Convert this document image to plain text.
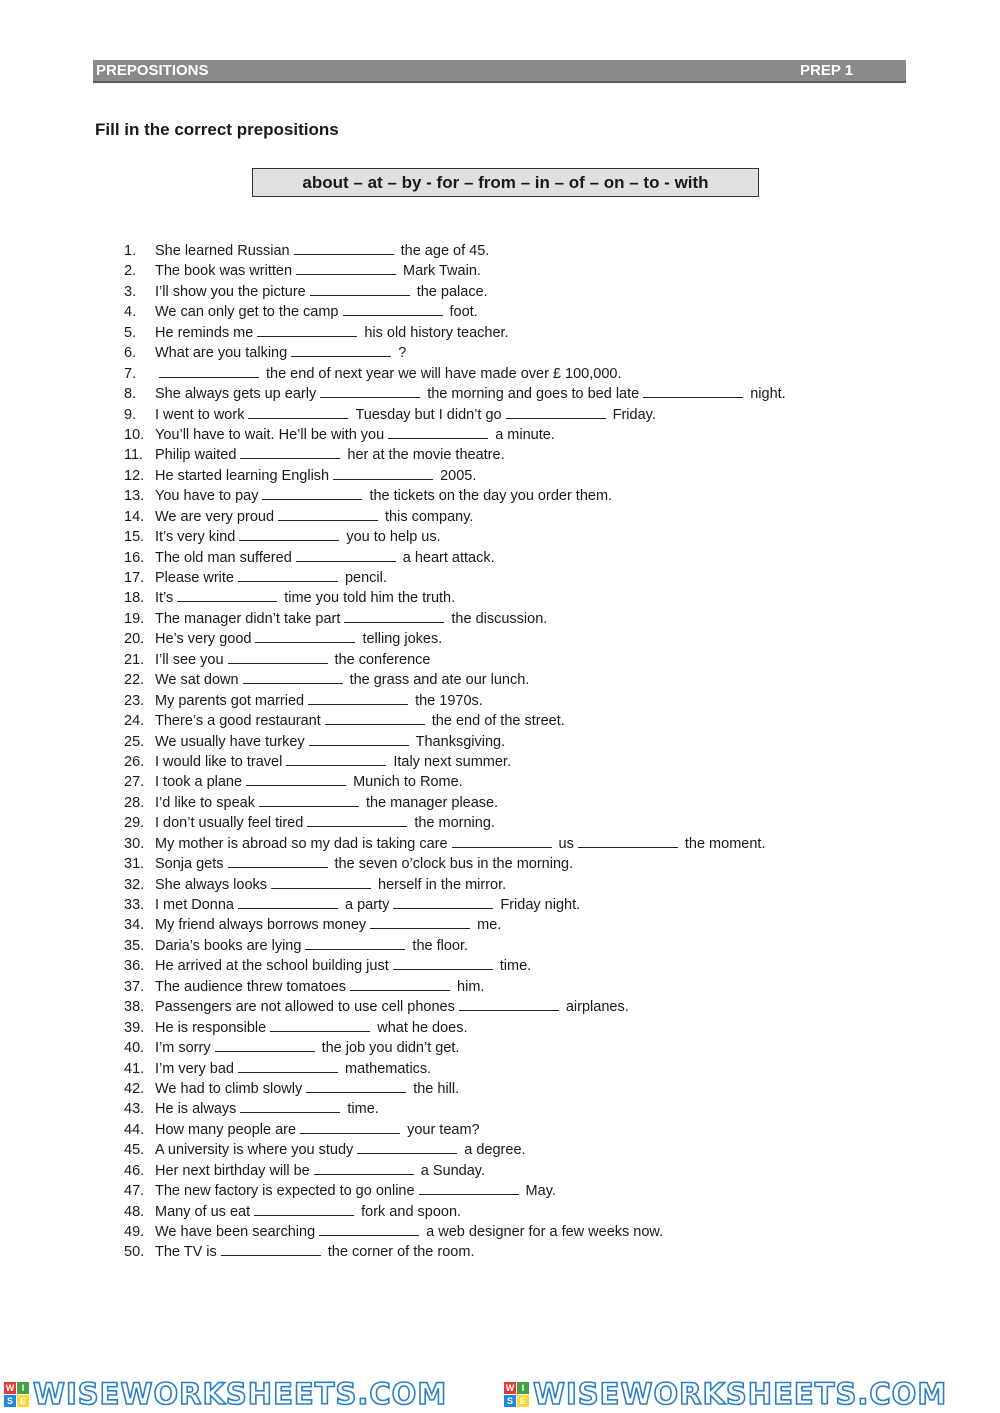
PREPOSITIONS	PREP 1
Fill in the correct prepositions
about – at – by - for – from – in – of – on – to - with
1. She learned Russian	the age of 45.
2. The book was written	Mark Twain.
3. I’ll show you the picture	the palace.
4. We can only get to the camp	foot.
5. He reminds me	his old history teacher.
6. What are you talking	?
7.	the end of next year we will have made over £ 100,000.
8. She always gets up early	the morning and goes to bed late	night.
9. I went to work	Tuesday but I didn’t go	Friday.
10. You’ll have to wait. He’ll be with you	a minute.
11. Philip waited	her at the movie theatre.
12. He started learning English	2005.
13. You have to pay	the tickets on the day you order them.
14. We are very proud	this company.
15. It’s very kind	you to help us.
16. The old man suffered	a heart attack.
17. Please write	pencil.
18. It’s	time you told him the truth.
19. The manager didn’t take part	the discussion.
20. He’s very good	telling jokes.
21. I’ll see you	the conference
22. We sat down	the grass and ate our lunch.
23. My parents got married	the 1970s.
24. There’s a good restaurant	the end of the street.
25. We usually have turkey	Thanksgiving.
26. I would like to travel	Italy next summer.
27. I took a plane	Munich to Rome.
28. I’d like to speak	the manager please.
29. I don’t usually feel tired	the morning.
30. My mother is abroad so my dad is taking care	us	the moment.
31. Sonja gets	the seven o’clock bus in the morning.
32. She always looks	herself in the mirror.
33. I met Donna	a party	Friday night.
34. My friend always borrows money	me.
35. Daria’s books are lying	the floor.
36. He arrived at the school building just	time.
37. The audience threw tomatoes	him.
38. Passengers are not allowed to use cell phones	airplanes.
39. He is responsible	what he does.
40. I’m sorry	the job you didn’t get.
41. I’m very bad	mathematics.
42. We had to climb slowly	the hill.
43. He is always	time.
44. How many people are	your team?
45. A university is where you study	a degree.
46. Her next birthday will be	a Sunday.
47. The new factory is expected to go online	May.
48. Many of us eat	fork and spoon.
49. We have been searching	a web designer for a few weeks now.
50. The TV is	the corner of the room.
W I
S E WISEWORKSHEETS.COM	W I
S E WISEWORKSHEETS.COM
